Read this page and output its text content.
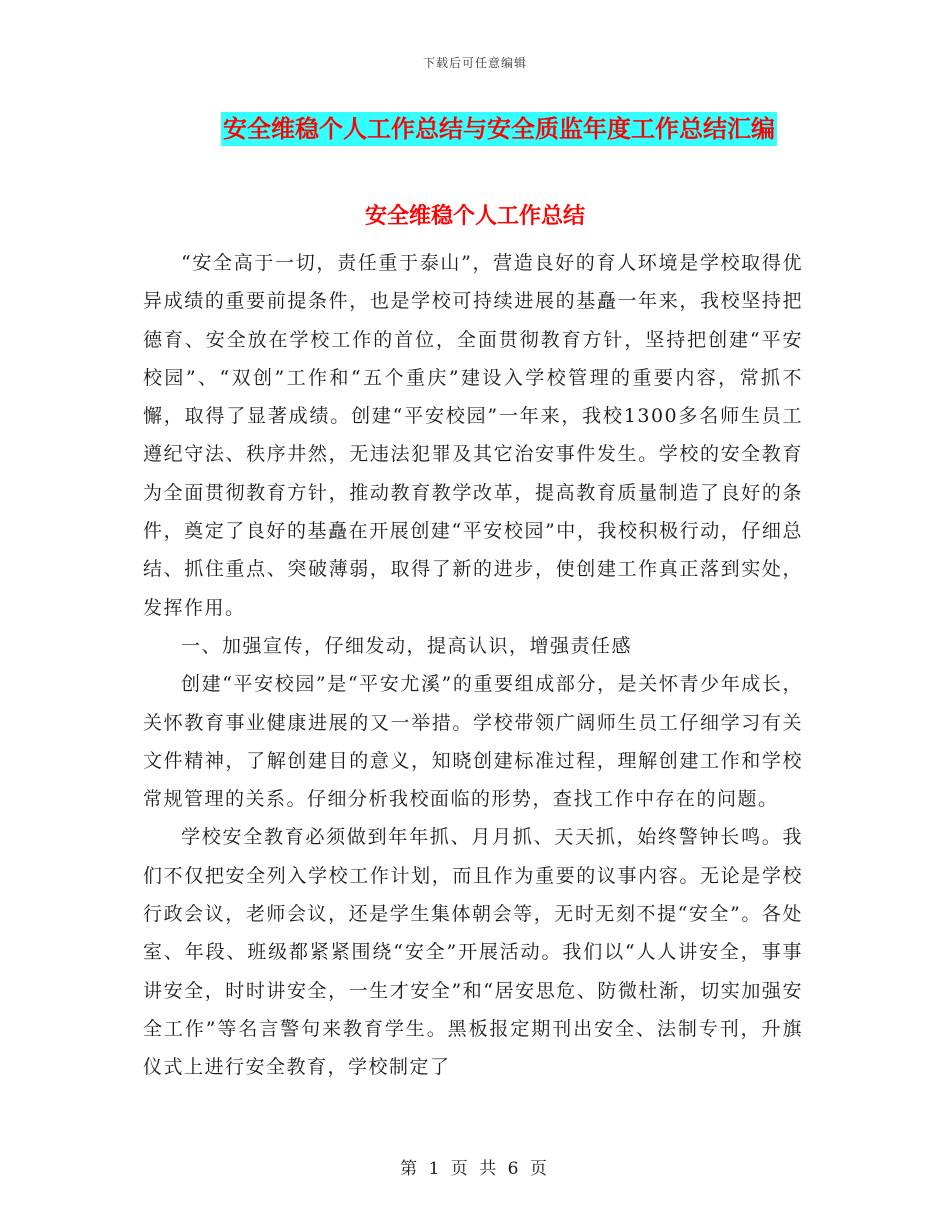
下载后可任意编辑
安全维稳个人工作总结与安全质监年度工作总结汇编
安全维稳个人工作总结

“安全高于一切，责任重于泰山”，营造良好的育人环境是学校取得优异成绩的重要前提条件，也是学校可持续进展的基矗一年来，我校坚持把德育、安全放在学校工作的首位，全面贯彻教育方针，坚持把创建“平安校园”、“双创”工作和“五个重庆”建设入学校管理的重要内容，常抓不懈，取得了显著成绩。创建“平安校园”一年来，我校1300多名师生员工遵纪守法、秩序井然，无违法犯罪及其它治安事件发生。学校的安全教育为全面贯彻教育方针，推动教育教学改革，提高教育质量制造了良好的条件，奠定了良好的基矗在开展创建“平安校园”中，我校积极行动，仔细总结、抓住重点、突破薄弱，取得了新的进步，使创建工作真正落到实处，发挥作用。

一、加强宣传，仔细发动，提高认识，增强责任感

创建“平安校园”是“平安尤溪”的重要组成部分，是关怀青少年成长，关怀教育事业健康进展的又一举措。学校带领广阔师生员工仔细学习有关文件精神，了解创建目的意义，知晓创建标准过程，理解创建工作和学校常规管理的关系。仔细分析我校面临的形势，查找工作中存在的问题。

学校安全教育必须做到年年抓、月月抓、天天抓，始终警钟长鸣。我们不仅把安全列入学校工作计划，而且作为重要的议事内容。无论是学校行政会议，老师会议，还是学生集体朝会等，无时无刻不提“安全”。各处室、年段、班级都紧紧围绕“安全”开展活动。我们以“人人讲安全，事事讲安全，时时讲安全，一生才安全”和“居安思危、防微杜渐，切实加强安全工作”等名言警句来教育学生。黑板报定期刊出安全、法制专刊，升旗仪式上进行安全教育，学校制定了

第 1 页 共 6 页
